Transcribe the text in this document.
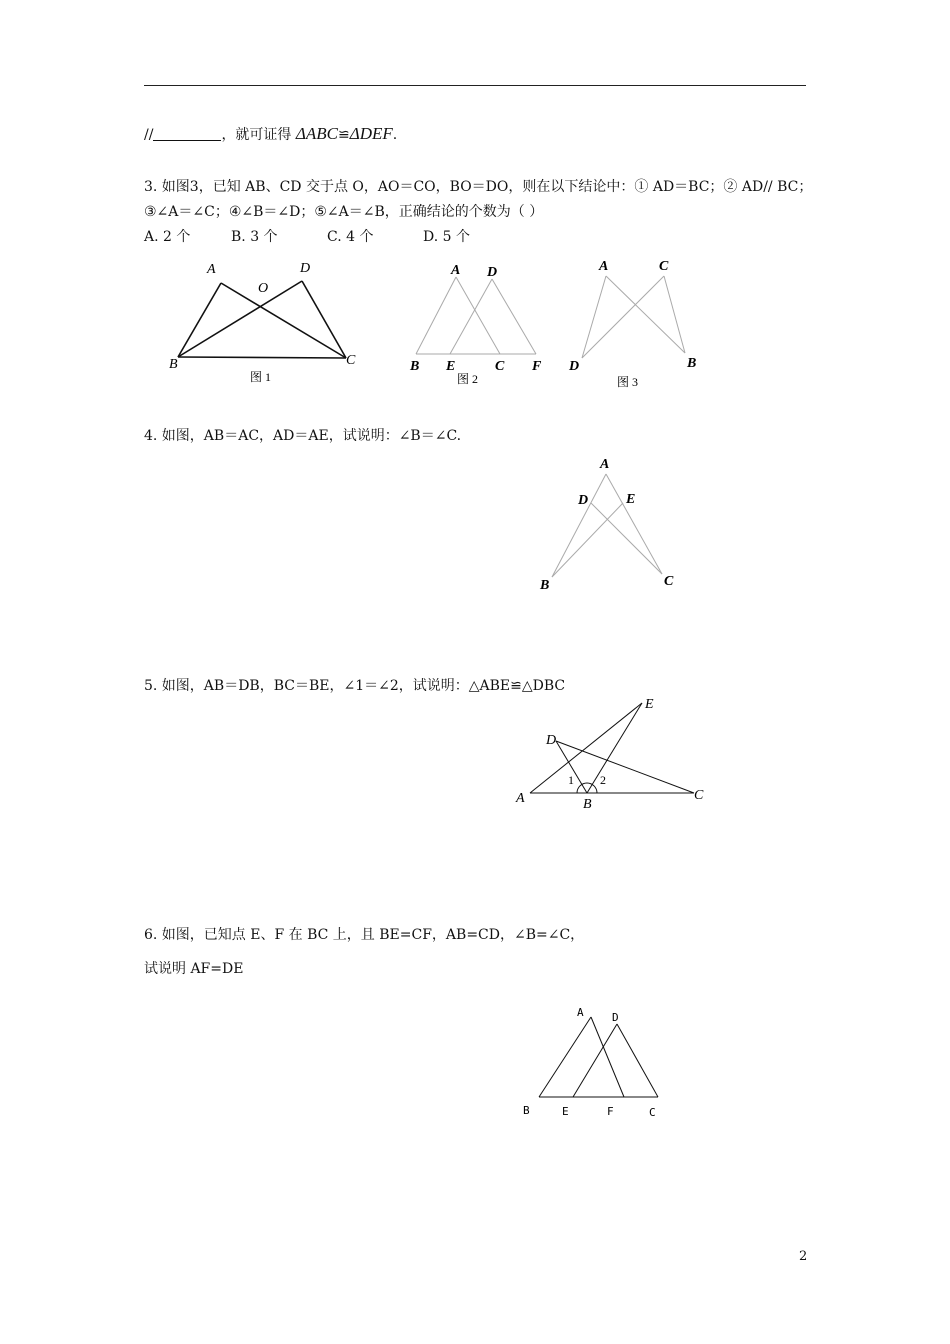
//	，就可证得 ΔABC≌ΔDEF.
3. 如图3，已知 AB、CD 交于点 O，AO＝CO，BO＝DO，则在以下结论中：① AD＝BC；② AD// BC；
③∠A＝∠C；④∠B＝∠D；⑤∠A＝∠B，正确结论的个数为（ ）
A. 2 个	B. 3 个	C. 4 个	D. 5 个
A	D
O
B	C
图 1
A D
B E	C F
图 2
A	C
D	B
图 3
4. 如图，AB＝AC，AD＝AE，试说明：∠B＝∠C.
A
D	E
B	C
5. 如图，AB＝DB，BC＝BE，∠1＝∠2，试说明：△ABE≌△DBC
E
D
1 2
A	B
C
6. 如图，已知点 E、F 在 BC 上，且 BE=CF，AB=CD，∠B=∠C，
试说明 AF=DE
A	D
B	E	F	C
2
